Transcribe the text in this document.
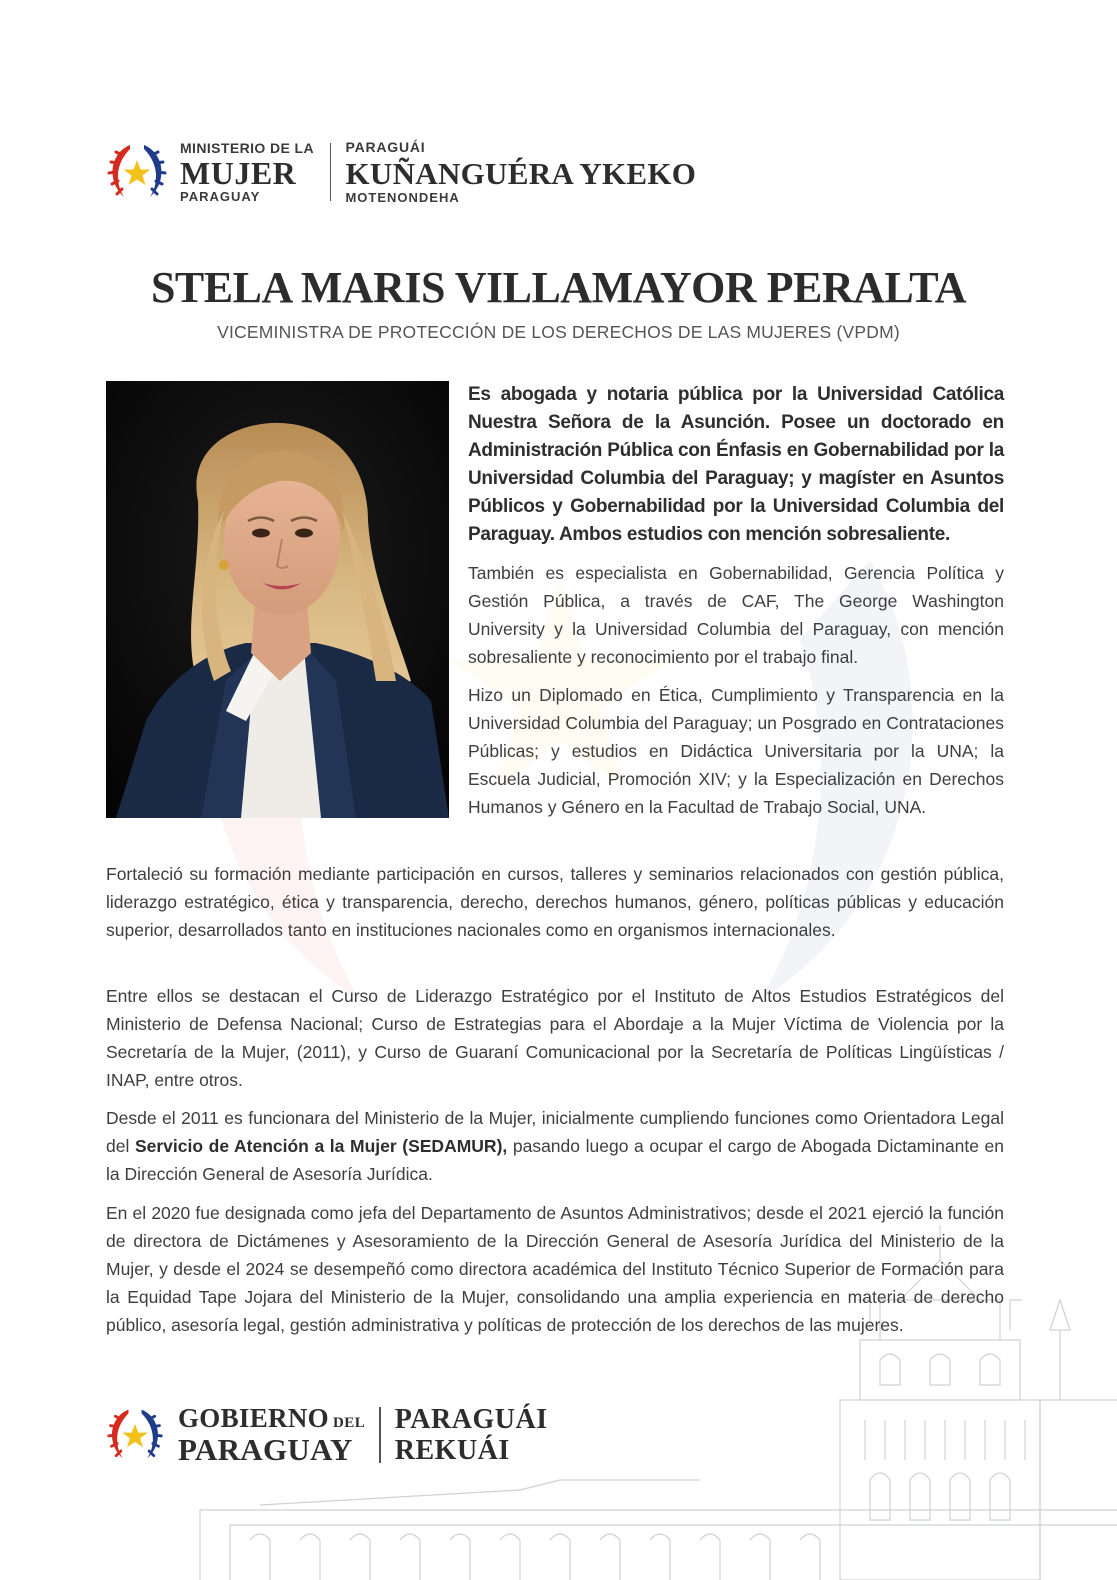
MINISTERIO DE LA
MUJER
PARAGUAY
PARAGUÁI
KUÑANGUÉRA YKEKO
MOTENONDEHA
STELA MARIS VILLAMAYOR PERALTA

VICEMINISTRA DE PROTECCIÓN DE LOS DERECHOS DE LAS MUJERES (VPDM)

Es abogada y notaria pública por la Universidad Católica Nuestra Señora de la Asunción. Posee un doctorado en Administración Pública con Énfasis en Gobernabilidad por la Universidad Columbia del Paraguay; y magíster en Asuntos Públicos y Gobernabilidad por la Universidad Columbia del Paraguay. Ambos estudios con mención sobresaliente.

También es especialista en Gobernabilidad, Gerencia Política y Gestión Pública, a través de CAF, The George Washington University y la Universidad Columbia del Paraguay, con mención sobresaliente y reconocimiento por el trabajo final.

Hizo un Diplomado en Ética, Cumplimiento y Transparencia en la Universidad Columbia del Paraguay; un Posgrado en Contrataciones Públicas; y estudios en Didáctica Universitaria por la UNA; la Escuela Judicial, Promoción XIV; y la Especialización en Derechos Humanos y Género en la Facultad de Trabajo Social, UNA.

Fortaleció su formación mediante participación en cursos, talleres y seminarios relacionados con gestión pública, liderazgo estratégico, ética y transparencia, derecho, derechos humanos, género, políticas públicas y educación superior, desarrollados tanto en instituciones nacionales como en organismos internacionales.

Entre ellos se destacan el Curso de Liderazgo Estratégico por el Instituto de Altos Estudios Estratégicos del Ministerio de Defensa Nacional; Curso de Estrategias para el Abordaje a la Mujer Víctima de Violencia por la Secretaría de la Mujer, (2011), y Curso de Guaraní Comunicacional por la Secretaría de Políticas Lingüísticas / INAP, entre otros.

Desde el 2011 es funcionara del Ministerio de la Mujer, inicialmente cumpliendo funciones como Orientadora Legal del Servicio de Atención a la Mujer (SEDAMUR), pasando luego a ocupar el cargo de Abogada Dictaminante en la Dirección General de Asesoría Jurídica.

En el 2020 fue designada como jefa del Departamento de Asuntos Administrativos; desde el 2021 ejerció la función de directora de Dictámenes y Asesoramiento de la Dirección General de Asesoría Jurídica del Ministerio de la Mujer, y desde el 2024 se desempeñó como directora académica del Instituto Técnico Superior de Formación para la Equidad Tape Jojara del Ministerio de la Mujer, consolidando una amplia experiencia en materia de derecho público, asesoría legal, gestión administrativa y políticas de protección de los derechos de las mujeres.

GOBIERNO DEL
PARAGUAY
PARAGUÁI
REKUÁI
